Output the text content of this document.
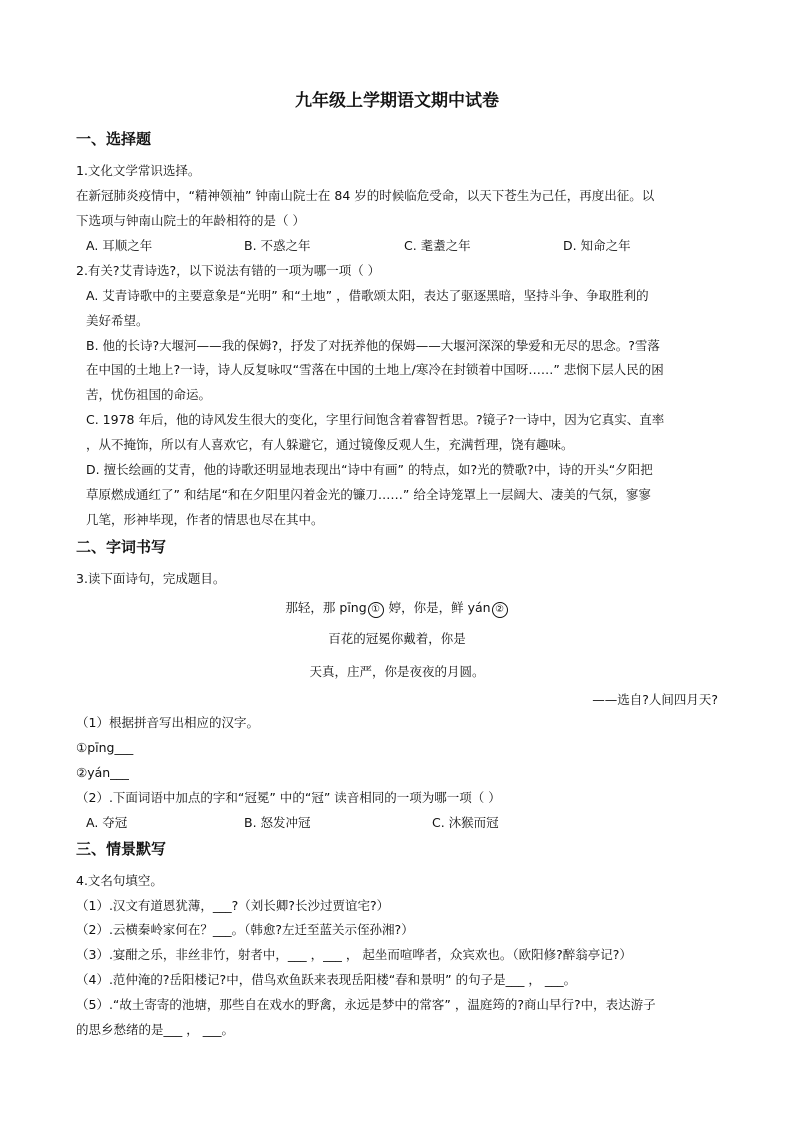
九年级上学期语文期中试卷
一、选择题
1.文化文学常识选择。
在新冠肺炎疫情中，“精神领袖” 钟南山院士在 84 岁的时候临危受命，以天下苍生为己任，再度出征。以
下选项与钟南山院士的年龄相符的是（ ）
A. 耳顺之年	B. 不惑之年	C. 耄耋之年	D. 知命之年
2.有关?艾青诗选?，以下说法有错的一项为哪一项（ ）
A. 艾青诗歌中的主要意象是“光明” 和“土地” ，借歌颂太阳，表达了驱逐黑暗，坚持斗争、争取胜利的
美好希望。
B. 他的长诗?大堰河——我的保姆?，抒发了对抚养他的保姆——大堰河深深的挚爱和无尽的思念。?雪落
在中国的土地上?一诗，诗人反复咏叹“雪落在中国的土地上/寒冷在封锁着中国呀……” 悲悯下层人民的困
苦，忧伤祖国的命运。
C. 1978 年后，他的诗风发生很大的变化，字里行间饱含着睿智哲思。?镜子?一诗中，因为它真实、直率
，从不掩饰，所以有人喜欢它，有人躲避它，通过镜像反观人生，充满哲理，饶有趣味。
D. 擅长绘画的艾青，他的诗歌还明显地表现出“诗中有画” 的特点，如?光的赞歌?中，诗的开头“夕阳把
草原燃成通红了” 和结尾“和在夕阳里闪着金光的镰刀……” 给全诗笼罩上一层阔大、凄美的气氛，寥寥
几笔，形神毕现，作者的情思也尽在其中。
二、字词书写
3.读下面诗句，完成题目。
那轻，那 pīng ① 婷，你是，鲜 yán ②
百花的冠冕你戴着，你是
天真，庄严，你是夜夜的月圆。
——选自?人间四月天?
（1）根据拼音写出相应的汉字。
①pīng___
②yán___
（2）.下面词语中加点的字和“冠冕” 中的“冠” 读音相同的一项为哪一项（ ）
A. 夺冠	B. 怒发冲冠	C. 沐猴而冠
三、情景默写
4.文名句填空。
（1）.汉文有道恩犹薄，___?（刘长卿?长沙过贾谊宅?）
（2）.云横秦岭家何在？___。（韩愈?左迁至蓝关示侄孙湘?）
（3）.宴酣之乐，非丝非竹，射者中，___ ，___ ， 起坐而喧哗者，众宾欢也。（欧阳修?醉翁亭记?）
（4）.范仲淹的?岳阳楼记?中，借鸟欢鱼跃来表现岳阳楼“春和景明” 的句子是___ ， ___。
（5）.“故土寄寄的池塘，那些自在戏水的野禽，永远是梦中的常客” ，温庭筠的?商山早行?中，表达游子
的思乡愁绪的是___ ， ___。
